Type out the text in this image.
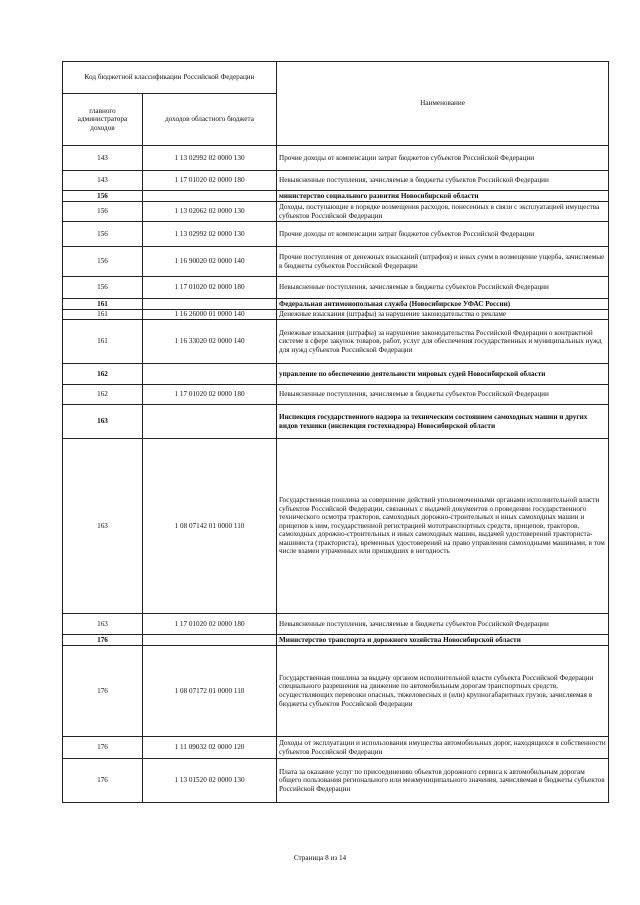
Код бюджетной классификации Российской Федерации		Наименование
главного администратора доходов	доходов областного бюджета	
143	1 13 02992 02 0000 130	Прочие доходы от компенсации затрат бюджетов субъектов Российской Федерации
143	1 17 01020 02 0000 180	Невыясненные поступления, зачисляемые в бюджеты субъектов Российской Федерации
156		министерство социального развития Новосибирской области
156	1 13 02062 02 0000 130	Доходы, поступающие в порядке возмещения расходов, понесенных в связи с эксплуатацией имущества субъектов Российской Федерации
156	1 13 02992 02 0000 130	Прочие доходы от компенсации затрат бюджетов субъектов Российской Федерации
156	1 16 90020 02 0000 140	Прочие поступления от денежных взысканий (штрафов) и иных сумм в возмещение ущерба, зачисляемые в бюджеты субъектов Российской Федерации
156	1 17 01020 02 0000 180	Невыясненные поступления, зачисляемые в бюджеты субъектов Российской Федерации
161		Федеральная антимонопольная служба (Новосибирское УФАС России)
161	1 16 26000 01 0000 140	Денежные взыскания (штрафы) за нарушение законодательства о рекламе
161	1 16 33020 02 0000 140	Денежные взыскания (штрафы) за нарушение законодательства Российской Федерации о контрактной системе в сфере закупок товаров, работ, услуг для обеспечения государственных и муниципальных нужд для нужд субъектов Российской Федерации
162		управление по обеспечению деятельности мировых судей Новосибирской области
162	1 17 01020 02 0000 180	Невыясненные поступления, зачисляемые в бюджеты субъектов Российской Федерации
163		Инспекция государственного надзора за техническим состоянием самоходных машин и других видов техники (инспекция гостехнадзора) Новосибирской области
163	1 08 07142 01 0000 110	Государственная пошлина за совершение действий уполномоченными органами исполнительной власти субъектов Российской Федерации, связанных с выдачей документов о проведении государственного технического осмотра тракторов, самоходных дорожно-строительных и иных самоходных машин и прицепов к ним, государственной регистрацией мототранспортных средств, прицепов, тракторов, самоходных дорожно-строительных и иных самоходных машин, выдачей удостоверений тракториста-машиниста (тракториста), временных удостоверений на право управления самоходными машинами, в том числе взамен утраченных или пришедших в негодность
163	1 17 01020 02 0000 180	Невыясненные поступления, зачисляемые в бюджеты субъектов Российской Федерации
176		Министерство транспорта и дорожного хозяйства Новосибирской области
176	1 08 07172 01 0000 110	Государственная пошлина за выдачу органом исполнительной власти субъекта Российской Федерации специального разрешения на движение по автомобильным дорогам транспортных средств, осуществляющих перевозки опасных, тяжеловесных и (или) крупногабаритных грузов, зачисляемая в бюджеты субъектов Российской Федерации
176	1 11 09032 02 0000 120	Доходы от эксплуатации и использования имущества автомобильных дорог, находящихся в собственности субъектов Российской Федерации
176	1 13 01520 02 0000 130	Плата за оказание услуг по присоединению объектов дорожного сервиса к автомобильным дорогам общего пользования регионального или межмуниципального значения, зачисляемая в бюджеты субъектов Российской Федерации
Страница 8 из 14
